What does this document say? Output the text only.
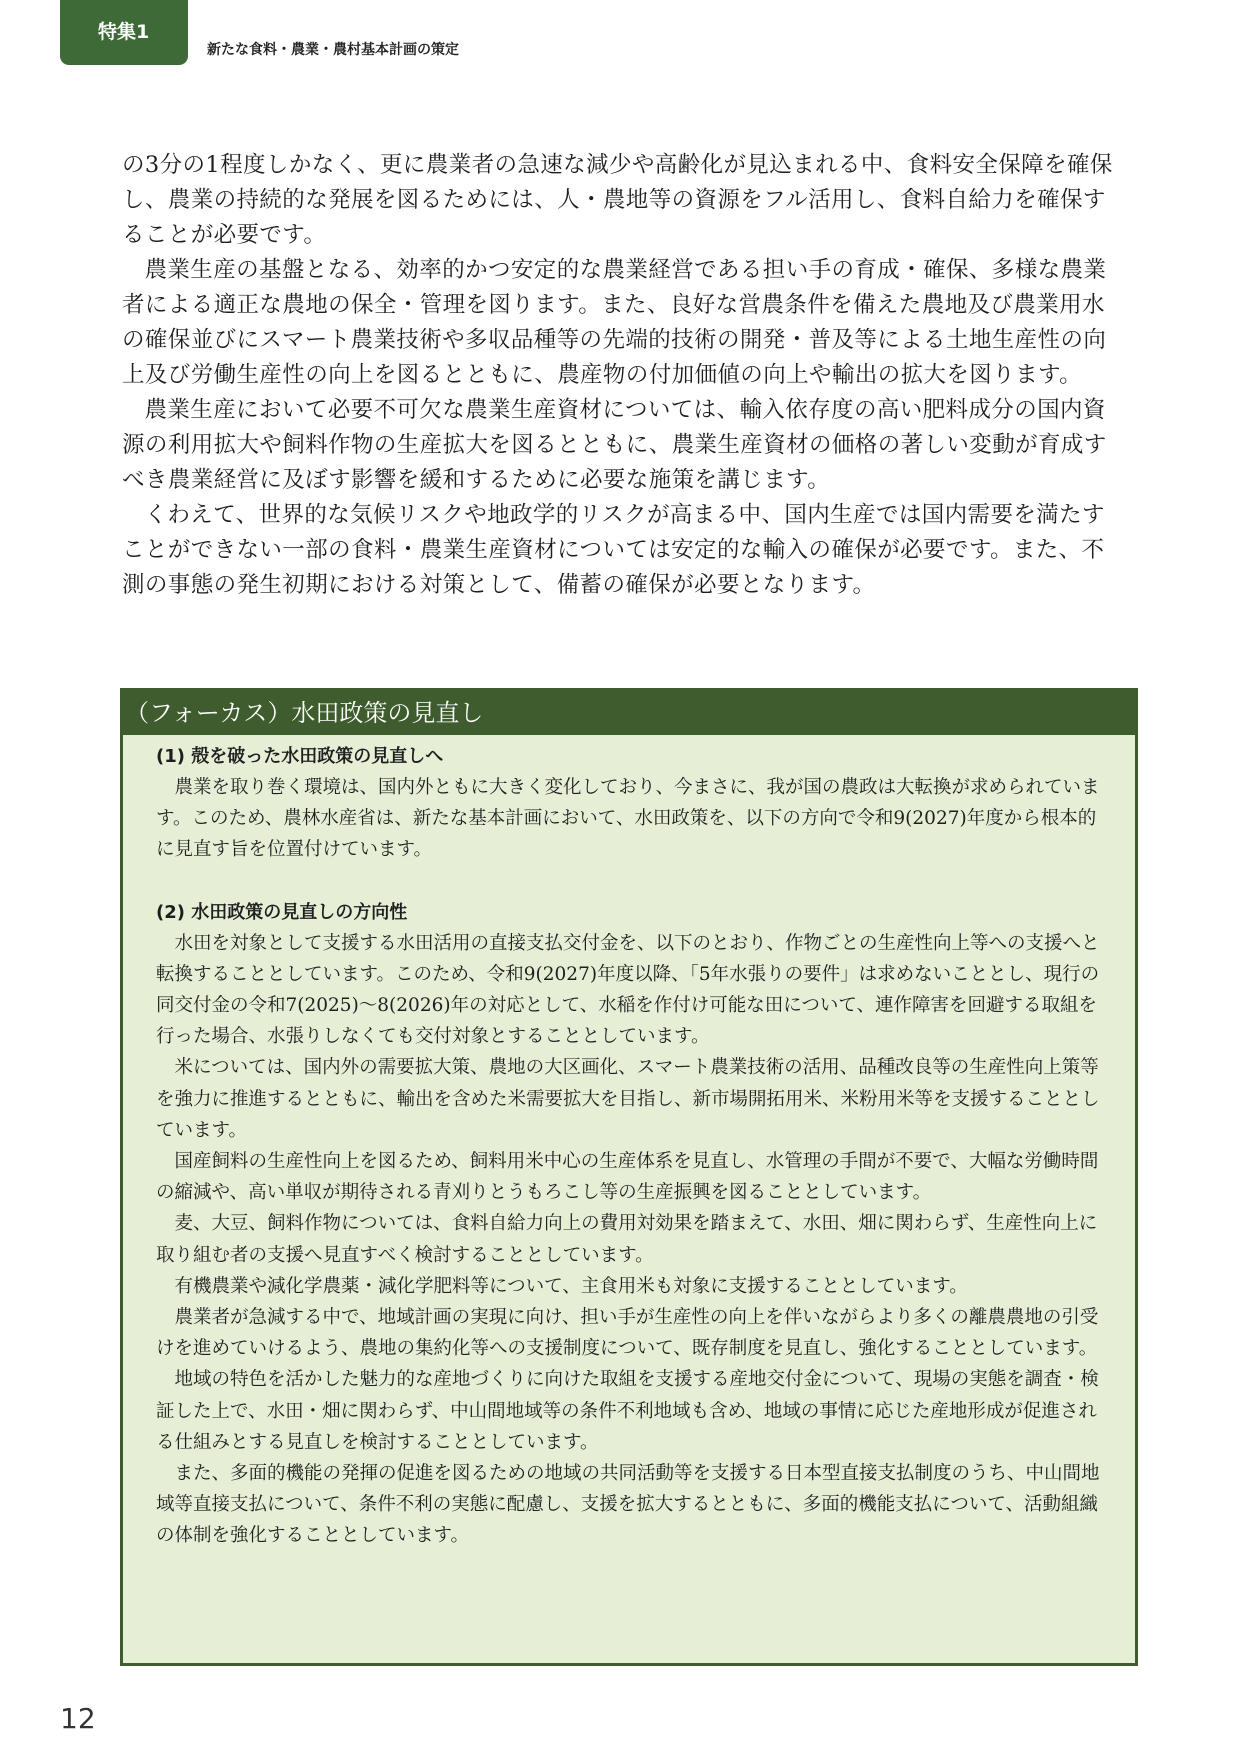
特集1
新たな食料・農業・農村基本計画の策定

の3分の1程度しかなく、更に農業者の急速な減少や高齢化が見込まれる中、食料安全保障を確保し、農業の持続的な発展を図るためには、人・農地等の資源をフル活用し、食料自給力を確保することが必要です。

農業生産の基盤となる、効率的かつ安定的な農業経営である担い手の育成・確保、多様な農業者による適正な農地の保全・管理を図ります。また、良好な営農条件を備えた農地及び農業用水の確保並びにスマート農業技術や多収品種等の先端的技術の開発・普及等による土地生産性の向上及び労働生産性の向上を図るとともに、農産物の付加価値の向上や輸出の拡大を図ります。

農業生産において必要不可欠な農業生産資材については、輸入依存度の高い肥料成分の国内資源の利用拡大や飼料作物の生産拡大を図るとともに、農業生産資材の価格の著しい変動が育成すべき農業経営に及ぼす影響を緩和するために必要な施策を講じます。

くわえて、世界的な気候リスクや地政学的リスクが高まる中、国内生産では国内需要を満たすことができない一部の食料・農業生産資材については安定的な輸入の確保が必要です。また、不測の事態の発生初期における対策として、備蓄の確保が必要となります。

（フォーカス）水田政策の見直し
(1) 殻を破った水田政策の見直しへ

農業を取り巻く環境は、国内外ともに大きく変化しており、今まさに、我が国の農政は大転換が求められています。このため、農林水産省は、新たな基本計画において、水田政策を、以下の方向で令和9(2027)年度から根本的に見直す旨を位置付けています。

(2) 水田政策の見直しの方向性

水田を対象として支援する水田活用の直接支払交付金を、以下のとおり、作物ごとの生産性向上等への支援へと転換することとしています。このため、令和9(2027)年度以降、「5年水張りの要件」は求めないこととし、現行の同交付金の令和7(2025)～8(2026)年の対応として、水稲を作付け可能な田について、連作障害を回避する取組を行った場合、水張りしなくても交付対象とすることとしています。

米については、国内外の需要拡大策、農地の大区画化、スマート農業技術の活用、品種改良等の生産性向上策等を強力に推進するとともに、輸出を含めた米需要拡大を目指し、新市場開拓用米、米粉用米等を支援することとしています。

国産飼料の生産性向上を図るため、飼料用米中心の生産体系を見直し、水管理の手間が不要で、大幅な労働時間の縮減や、高い単収が期待される青刈りとうもろこし等の生産振興を図ることとしています。

麦、大豆、飼料作物については、食料自給力向上の費用対効果を踏まえて、水田、畑に関わらず、生産性向上に取り組む者の支援へ見直すべく検討することとしています。

有機農業や減化学農薬・減化学肥料等について、主食用米も対象に支援することとしています。

農業者が急減する中で、地域計画の実現に向け、担い手が生産性の向上を伴いながらより多くの離農農地の引受けを進めていけるよう、農地の集約化等への支援制度について、既存制度を見直し、強化することとしています。

地域の特色を活かした魅力的な産地づくりに向けた取組を支援する産地交付金について、現場の実態を調査・検証した上で、水田・畑に関わらず、中山間地域等の条件不利地域も含め、地域の事情に応じた産地形成が促進される仕組みとする見直しを検討することとしています。

また、多面的機能の発揮の促進を図るための地域の共同活動等を支援する日本型直接支払制度のうち、中山間地域等直接支払について、条件不利の実態に配慮し、支援を拡大するとともに、多面的機能支払について、活動組織の体制を強化することとしています。

12
